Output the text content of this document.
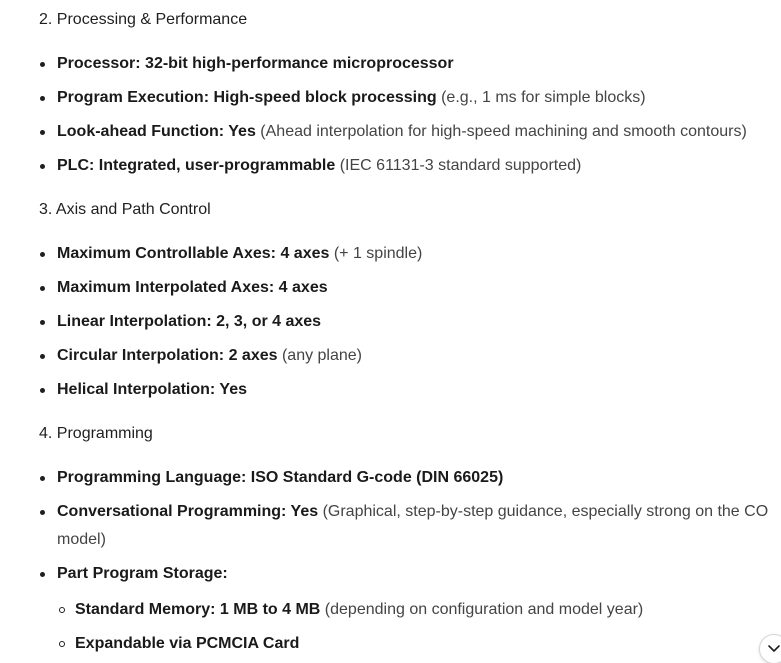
2. Processing & Performance
Processor: 32-bit high-performance microprocessor
Program Execution: High-speed block processing (e.g., 1 ms for simple blocks)
Look-ahead Function: Yes (Ahead interpolation for high-speed machining and smooth contours)
PLC: Integrated, user-programmable (IEC 61131-3 standard supported)
3. Axis and Path Control
Maximum Controllable Axes: 4 axes (+ 1 spindle)
Maximum Interpolated Axes: 4 axes
Linear Interpolation: 2, 3, or 4 axes
Circular Interpolation: 2 axes (any plane)
Helical Interpolation: Yes
4. Programming
Programming Language: ISO Standard G-code (DIN 66025)
Conversational Programming: Yes (Graphical, step-by-step guidance, especially strong on the CO model)
Part Program Storage:
Standard Memory: 1 MB to 4 MB (depending on configuration and model year)
Expandable via PCMCIA Card
